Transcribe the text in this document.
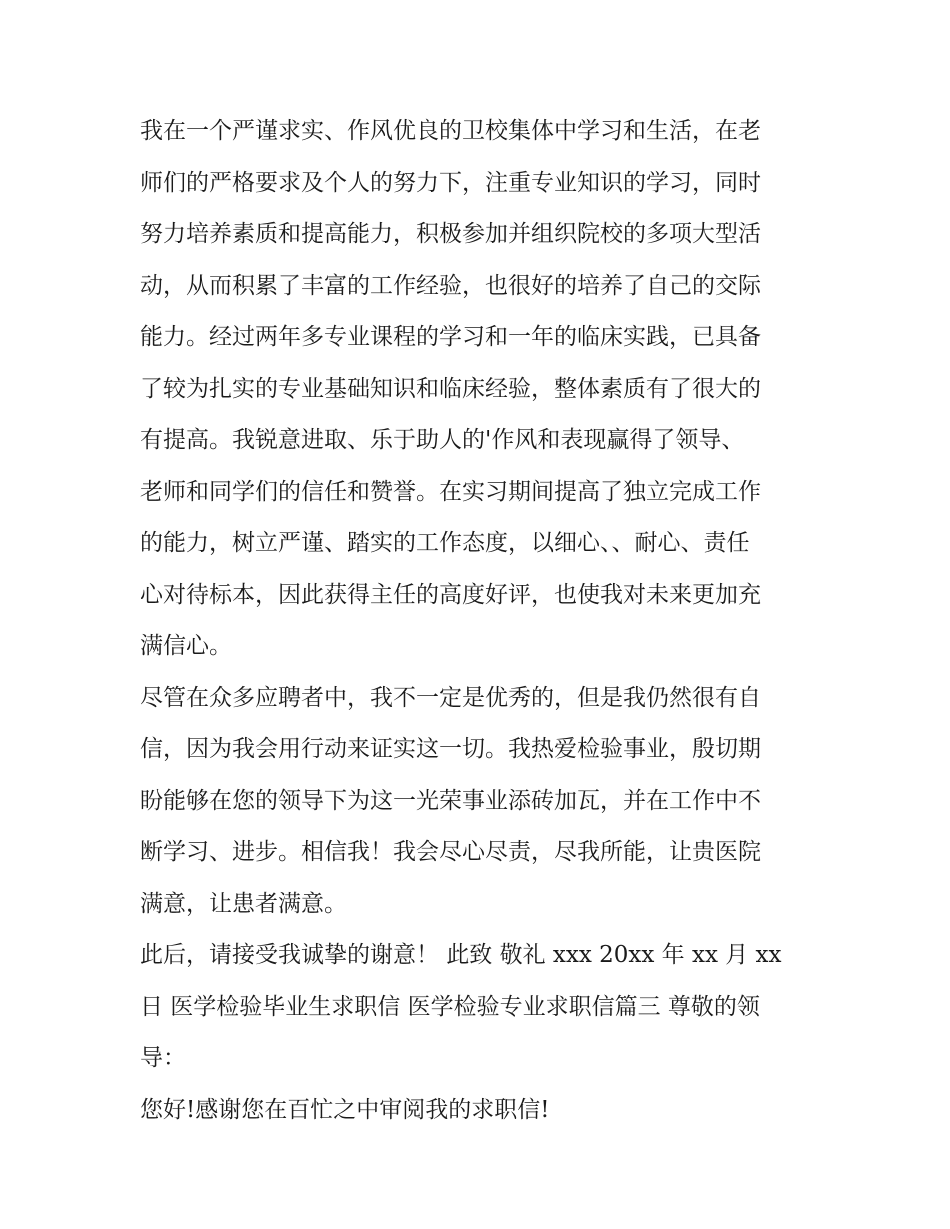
我在一个严谨求实、作风优良的卫校集体中学习和生活，在老
师们的严格要求及个人的努力下，注重专业知识的学习，同时
努力培养素质和提高能力，积极参加并组织院校的多项大型活
动，从而积累了丰富的工作经验，也很好的培养了自己的交际
能力。经过两年多专业课程的学习和一年的临床实践，已具备
了较为扎实的专业基础知识和临床经验，整体素质有了很大的
有提高。我锐意进取、乐于助人的'作风和表现赢得了领导、
老师和同学们的信任和赞誉。在实习期间提高了独立完成工作
的能力，树立严谨、踏实的工作态度，以细心、、耐心、责任
心对待标本，因此获得主任的高度好评，也使我对未来更加充
满信心。
尽管在众多应聘者中，我不一定是优秀的，但是我仍然很有自
信，因为我会用行动来证实这一切。我热爱检验事业，殷切期
盼能够在您的领导下为这一光荣事业添砖加瓦，并在工作中不
断学习、进步。相信我！我会尽心尽责，尽我所能，让贵医院
满意，让患者满意。
此后，请接受我诚挚的谢意！ 此致 敬礼 xxx 20xx 年 xx 月 xx
日 医学检验毕业生求职信 医学检验专业求职信篇三 尊敬的领
导：
您好!感谢您在百忙之中审阅我的求职信!
